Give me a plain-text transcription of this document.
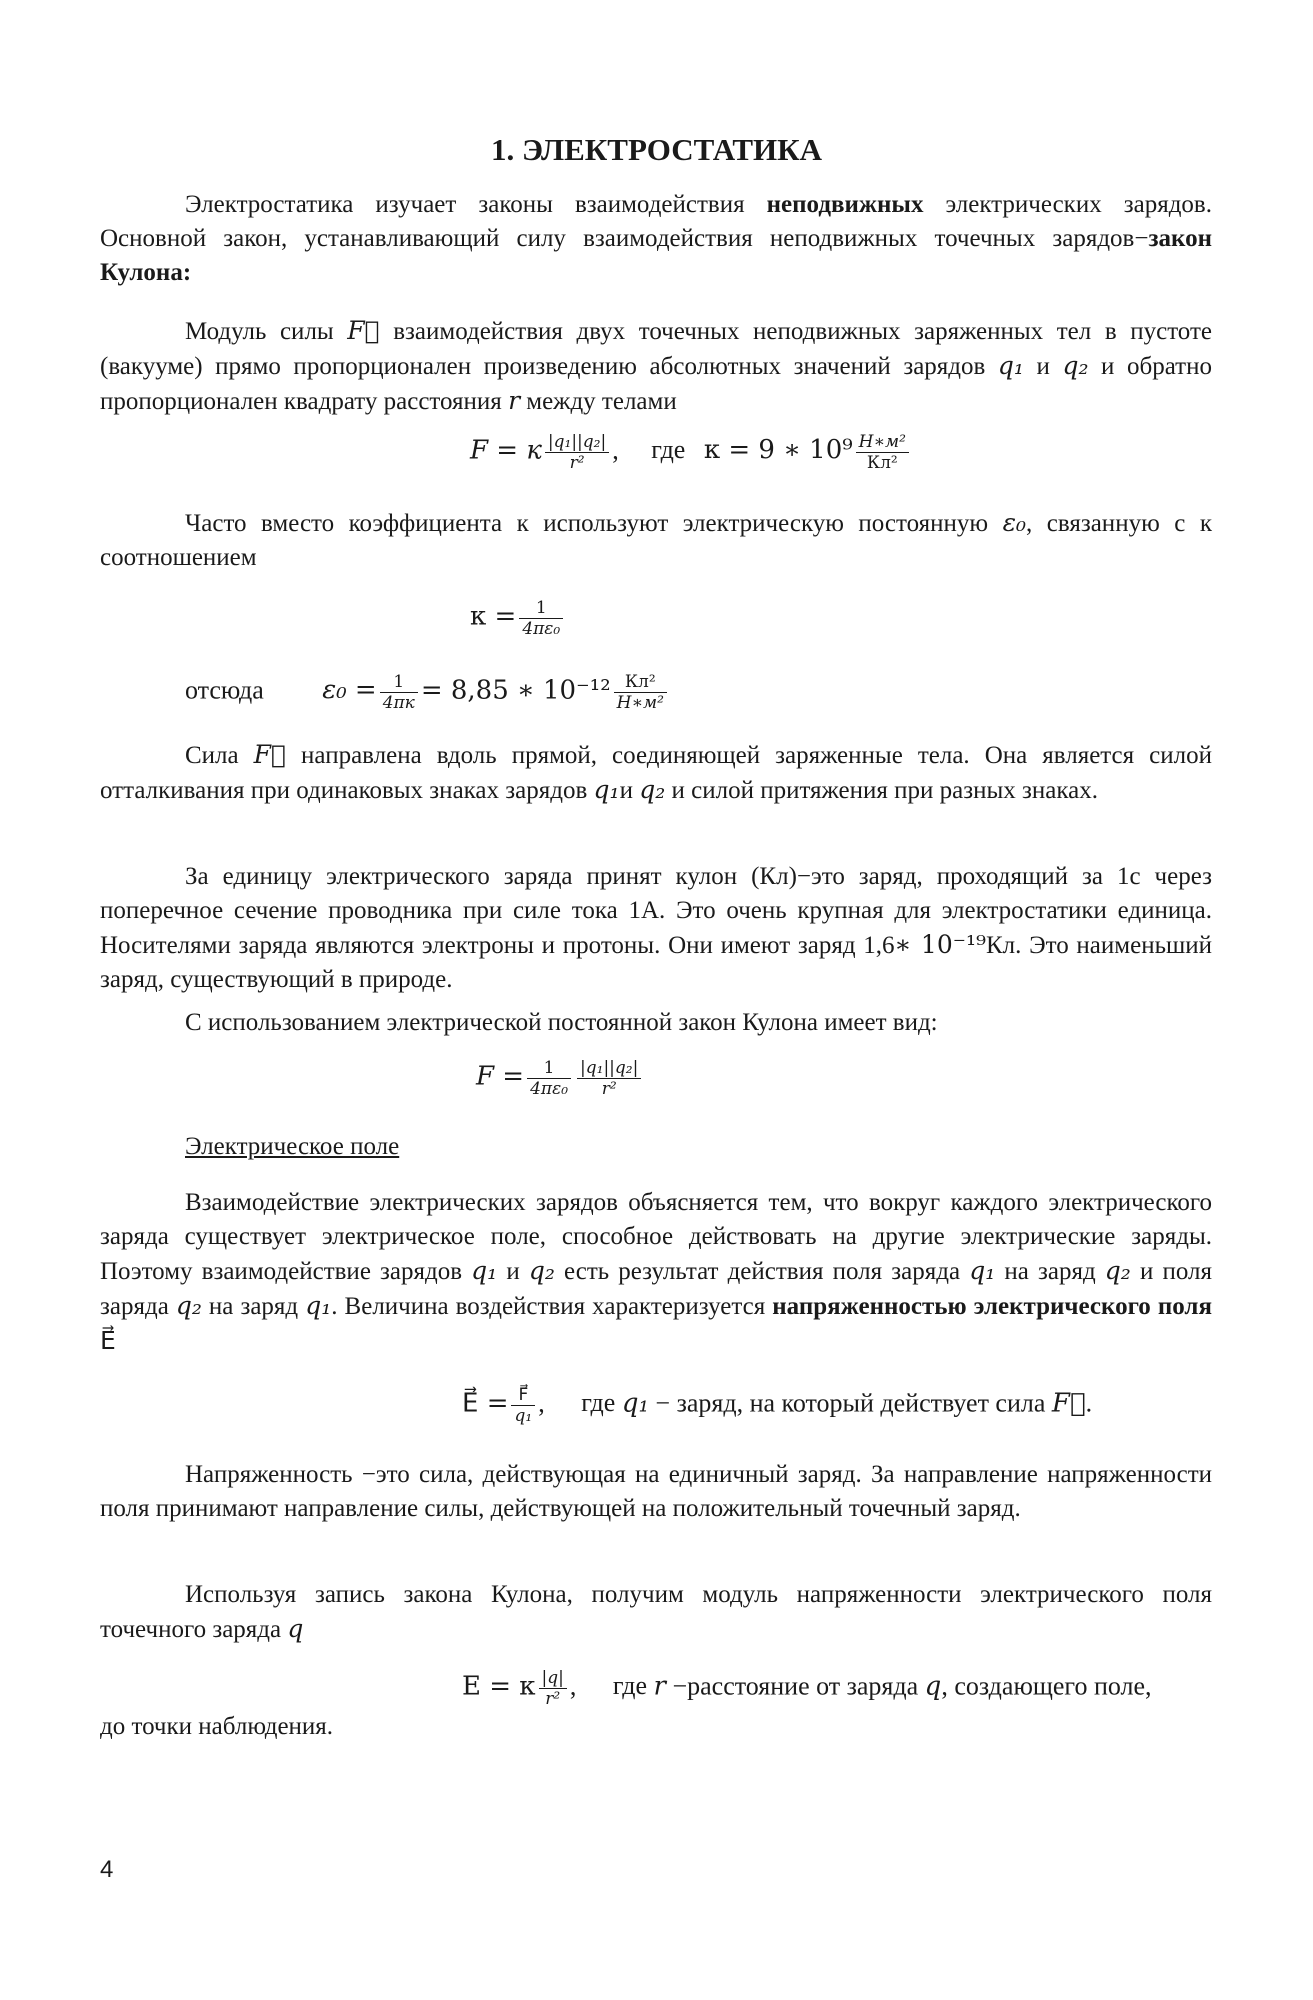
1. ЭЛЕКТРОСТАТИКА

Электростатика изучает законы взаимодействия неподвижных электрических зарядов. Основной закон, устанавливающий силу взаимодействия неподвижных точечных зарядов−закон Кулона:

Модуль силы F⃗ взаимодействия двух точечных неподвижных заряженных тел в пустоте (вакууме) прямо пропорционален произведению абсолютных значений зарядов q₁ и q₂ и обратно пропорционален квадрату расстояния r между телами

F = к $\frac{\text{|q₁||q₂|}}{\text{r²}}$ , где к = 9 ∗ $10^9 \frac{\text{Н∗м²}}{\text{Кл²}}$

Часто вместо коэффициента к используют электрическую постоянную ε₀, связанную с к соотношением

$к = \frac{1}{\text{4πε₀}}$
отсюда $\varepsilon_0 = \frac{1}{4\pi к} = 8,85$ ∗ $10^{-12} \frac{\text{Кл²}}{\text{Н∗м²}}$

Сила F⃗ направлена вдоль прямой, соединяющей заряженные тела. Она является силой отталкивания при одинаковых знаках зарядов q₁и q₂ и силой притяжения при разных знаках.

За единицу электрического заряда принят кулон (Кл)−это заряд, проходящий за 1с через поперечное сечение проводника при силе тока 1А. Это очень крупная для электростатики единица. Носителями заряда являются электроны и протоны. Они имеют заряд 1,6∗ 10⁻¹⁹Кл. Это наименьший заряд, существующий в природе.

С использованием электрической постоянной закон Кулона имеет вид:

$F = \frac{1}{\text{4πε₀}} \frac{\text{|q₁||q₂|}}{\text{r²}}$

Электрическое поле

Взаимодействие электрических зарядов объясняется тем, что вокруг каждого электрического заряда существует электрическое поле, способное действовать на другие электрические заряды. Поэтому взаимодействие зарядов q₁ и q₂ есть результат действия поля заряда q₁ на заряд q₂ и поля заряда q₂ на заряд q₁. Величина воздействия характеризуется напряженностью электрического поля E⃗

E⃗ = $\frac{F⃗}{\text{q₁}}$ , где q₁ − заряд, на который действует сила F⃗.

Напряженность −это сила, действующая на единичный заряд. За направление напряженности поля принимают направление силы, действующей на положительный точечный заряд.

Используя запись закона Кулона, получим модуль напряженности электрического поля точечного заряда q

E = к $\frac{|q|}{\text{r²}}$ , где r −расстояние от заряда q, создающего поле,

до точки наблюдения.

4
